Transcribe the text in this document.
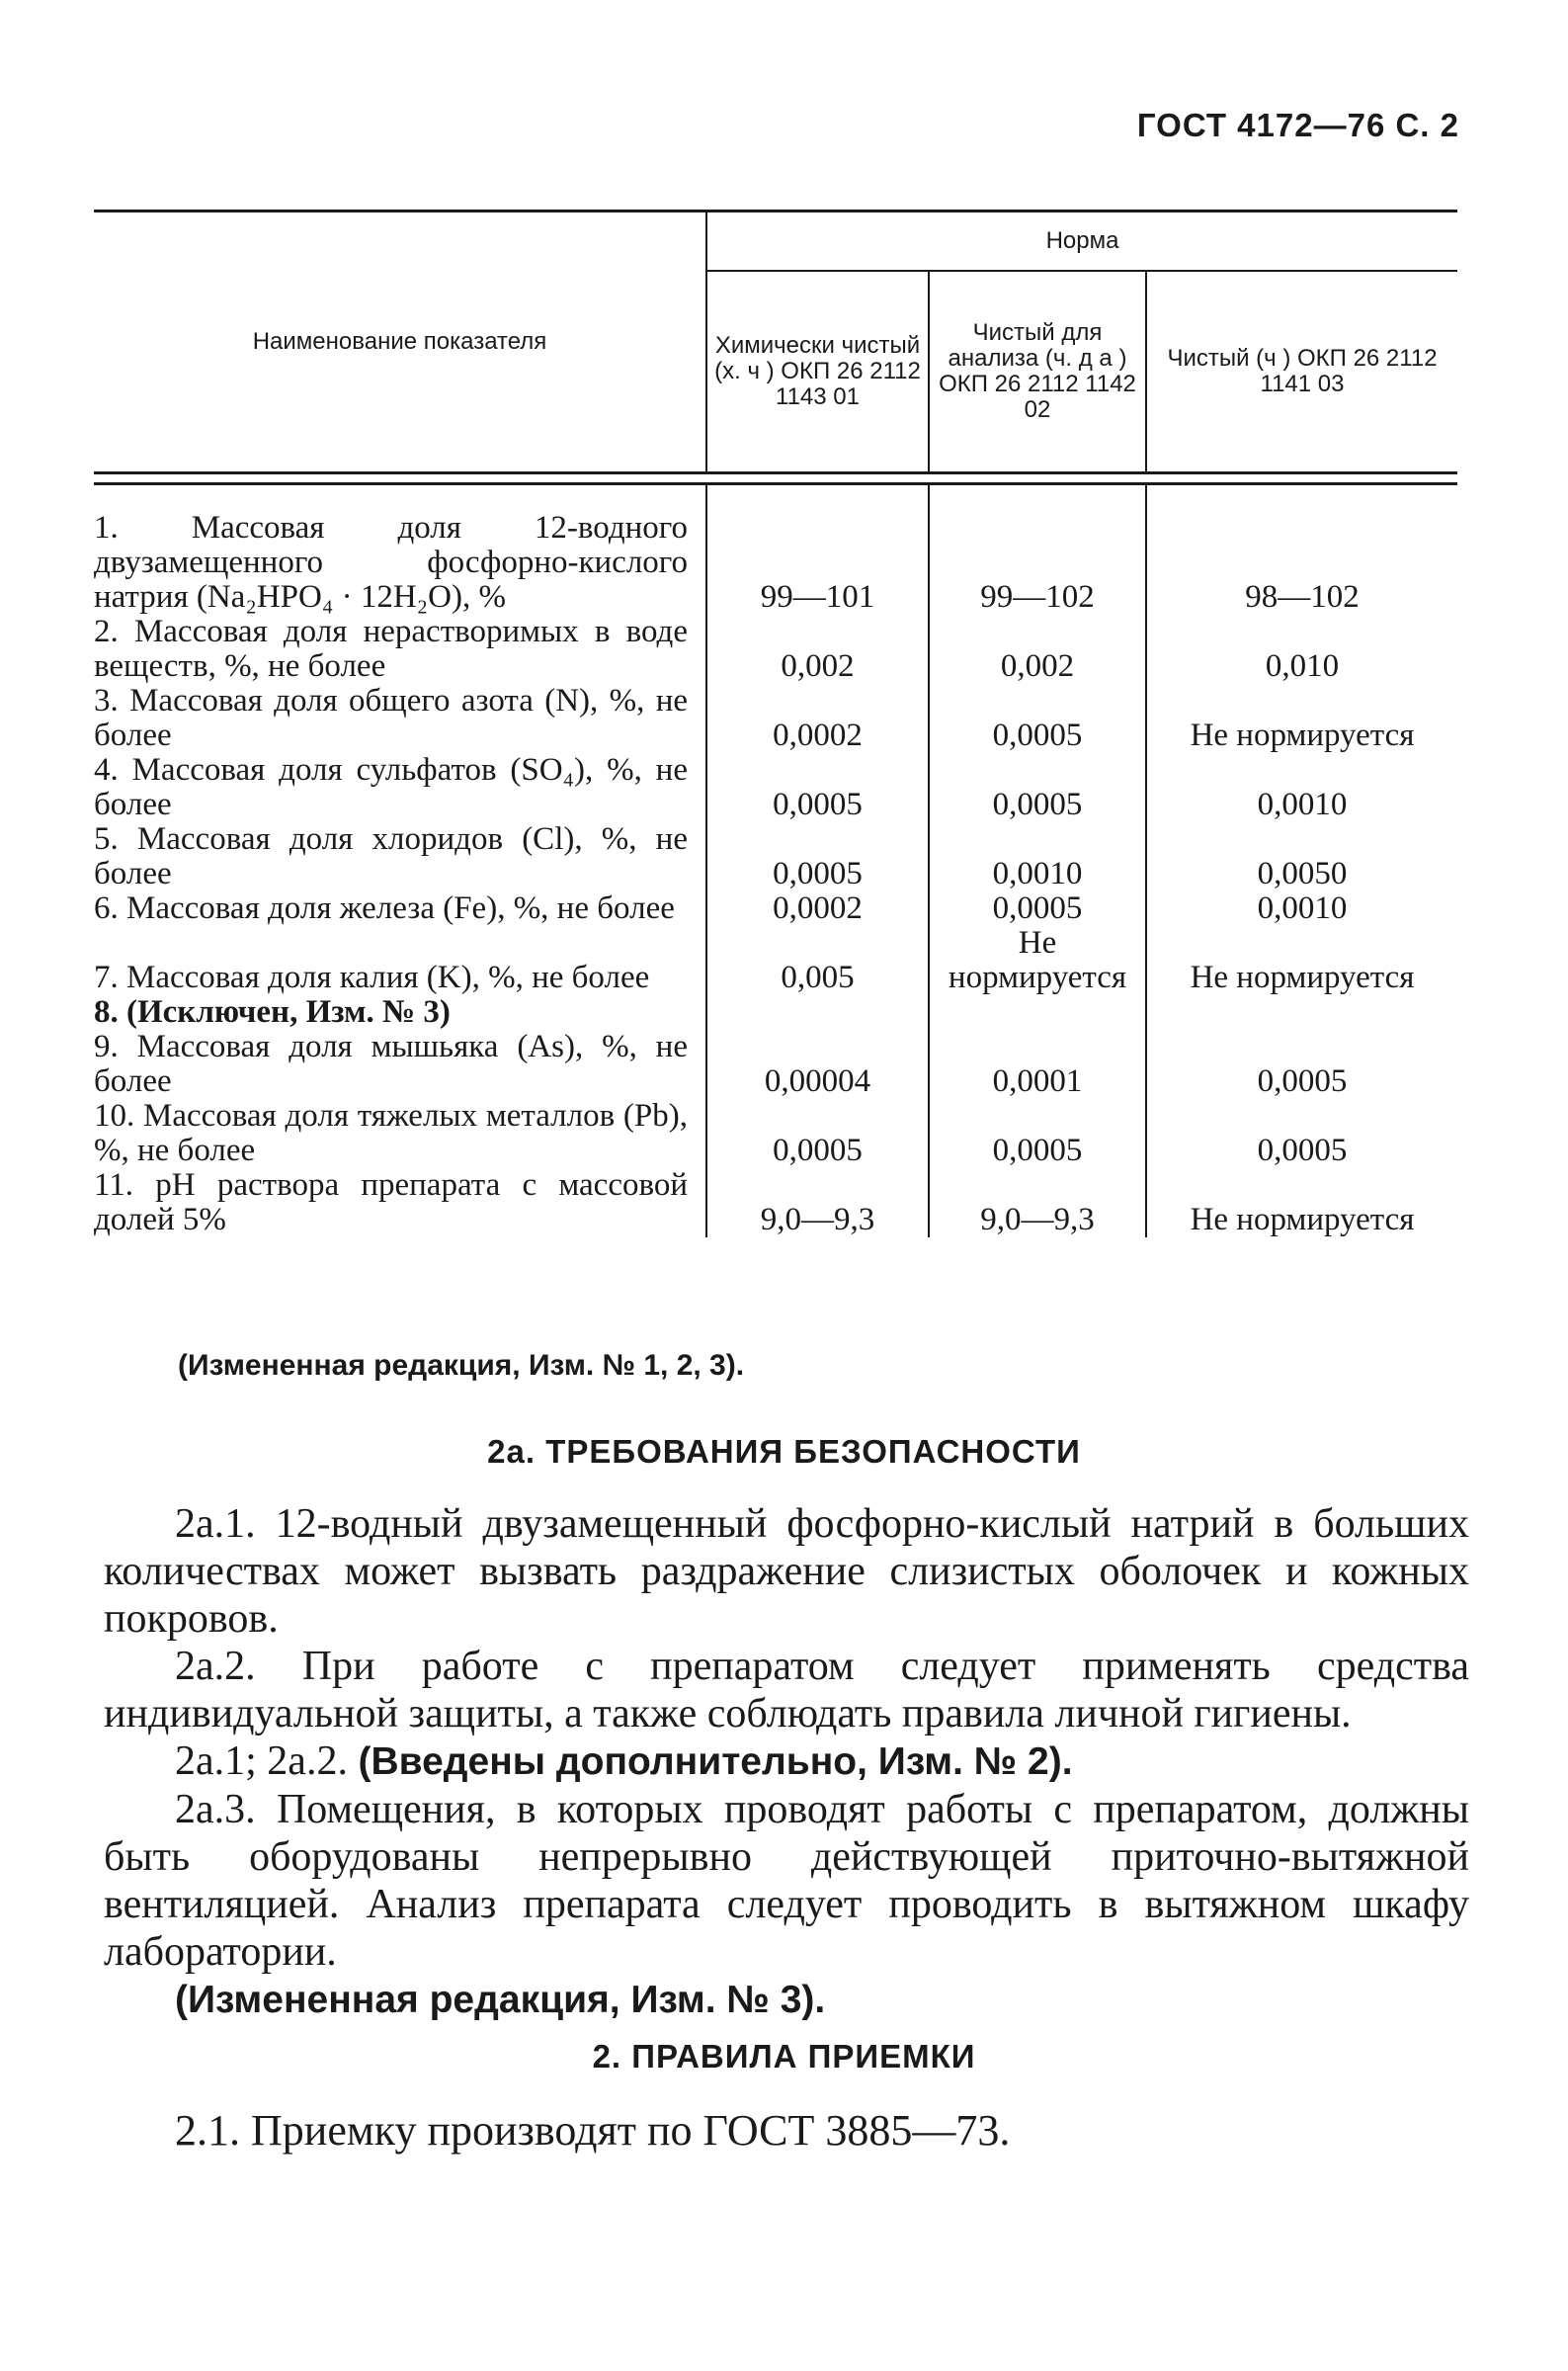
ГОСТ 4172—76 С. 2
Наименование показателя	Норма		
	Химически чистый (х. ч ) ОКП 26 2112 1143 01	Чистый для анализа (ч. д а ) ОКП 26 2112 1142 02	Чистый (ч ) ОКП 26 2112 1141 03

1. Массовая доля 12-водного двузамещенного фосфорно-кислого натрия (Na₂HPO₄ · 12H₂O), %	99—101	99—102	98—102
2. Массовая доля нерастворимых в воде веществ, %, не более	0,002	0,002	0,010
3. Массовая доля общего азота (N), %, не более	0,0002	0,0005	Не нормируется
4. Массовая доля сульфатов (SO₄), %, не более	0,0005	0,0005	0,0010
5. Массовая доля хлоридов (Cl), %, не более	0,0005	0,0010	0,0050
6. Массовая доля железа (Fe), %, не более	0,0002	0,0005	0,0010
7. Массовая доля калия (K), %, не более	0,005	Не нормируется	Не нормируется
8. (Исключен, Изм. № 3)			
9. Массовая доля мышьяка (As), %, не более	0,00004	0,0001	0,0005
10. Массовая доля тяжелых металлов (Pb), %, не более	0,0005	0,0005	0,0005
11. pH раствора препарата с массовой долей 5%	9,0—9,3	9,0—9,3	Не нормируется
(Измененная редакция, Изм. № 1, 2, 3).
2а. ТРЕБОВАНИЯ БЕЗОПАСНОСТИ

2а.1. 12-водный двузамещенный фосфорно-кислый натрий в больших количествах может вызвать раздражение слизистых оболочек и кожных покровов.

2а.2. При работе с препаратом следует применять средства индивидуальной защиты, а также соблюдать правила личной гигиены.

2а.1; 2а.2. (Введены дополнительно, Изм. № 2).

2а.3. Помещения, в которых проводят работы с препаратом, должны быть оборудованы непрерывно действующей приточно-вытяжной вентиляцией. Анализ препарата следует проводить в вытяжном шкафу лаборатории.

(Измененная редакция, Изм. № 3).

2. ПРАВИЛА ПРИЕМКИ

2.1. Приемку производят по ГОСТ 3885—73.
